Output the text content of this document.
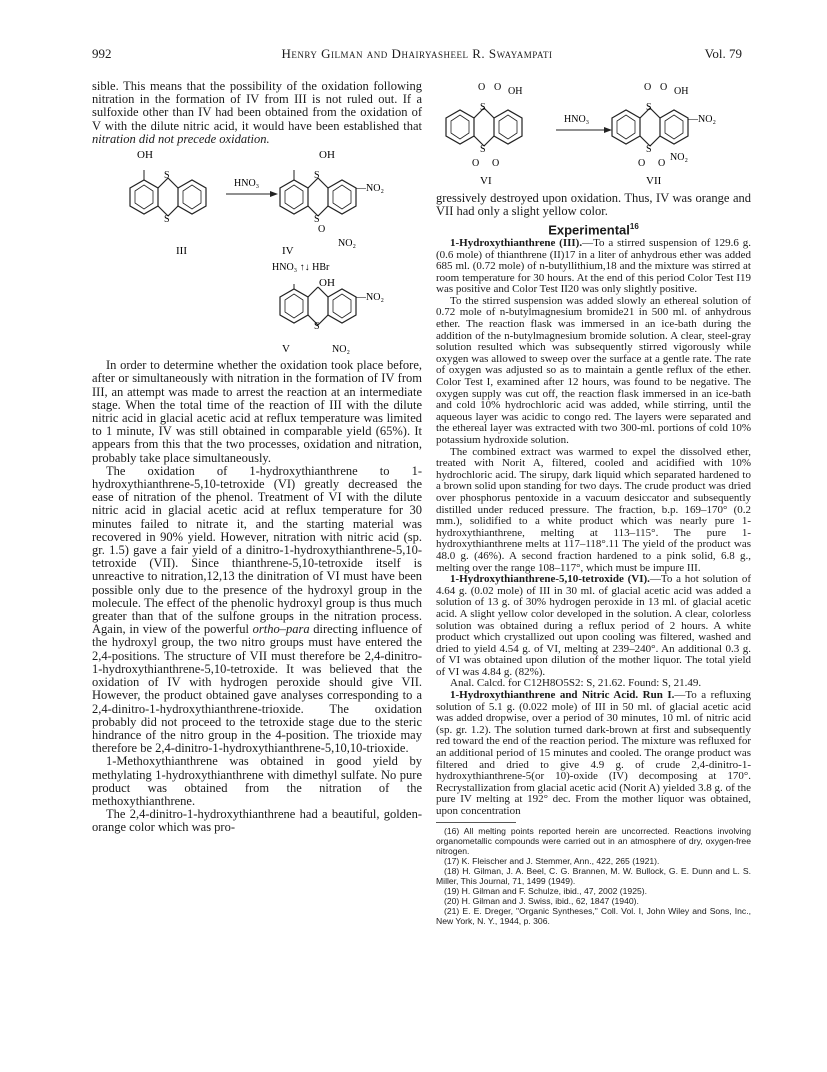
992	Henry Gilman and Dhairyasheel R. Swayampati	Vol. 79

sible. This means that the possibility of the oxidation following nitration in the formation of IV from III is not ruled out. If a sulfoxide other than IV had been obtained from the oxidation of V with the dilute nitric acid, it would have been established that nitration did not precede oxidation.

OH
S
S
III
HNO₃
OH
S
S
—NO₂
O
NO₂
IV
HNO₃ ↑↓ HBr
OH
S
—NO₂
V	NO₂

In order to determine whether the oxidation took place before, after or simultaneously with nitration in the formation of IV from III, an attempt was made to arrest the reaction at an intermediate stage. When the total time of the reaction of III with the dilute nitric acid in glacial acetic acid at reflux temperature was limited to 1 minute, IV was still obtained in comparable yield (65%). It appears from this that the two processes, oxidation and nitration, probably take place simultaneously.

The oxidation of 1-hydroxythianthrene to 1-hydroxythianthrene-5,10-tetroxide (VI) greatly decreased the ease of nitration of the phenol. Treatment of VI with the dilute nitric acid in glacial acetic acid at reflux temperature for 30 minutes failed to nitrate it, and the starting material was recovered in 90% yield. However, nitration with nitric acid (sp. gr. 1.5) gave a fair yield of a dinitro-1-hydroxythianthrene-5,10-tetroxide (VII). Since thianthrene-5,10-tetroxide itself is unreactive to nitration,12,13 the dinitration of VI must have been possible only due to the presence of the hydroxyl group in the molecule. The effect of the phenolic hydroxyl group is thus much greater than that of the sulfone groups in the nitration process. Again, in view of the powerful ortho–para directing influence of the hydroxyl group, the two nitro groups must have entered the 2,4-positions. The structure of VII must therefore be 2,4-dinitro-1-hydroxythianthrene-5,10-tetroxide. It was believed that the oxidation of IV with hydrogen peroxide should give VII. However, the product obtained gave analyses corresponding to a 2,4-dinitro-1-hydroxythianthrene-trioxide. The oxidation probably did not proceed to the tetroxide stage due to the steric hindrance of the nitro group in the 4-position. The trioxide may therefore be 2,4-dinitro-1-hydroxythianthrene-5,10,10-trioxide.

1-Methoxythianthrene was obtained in good yield by methylating 1-hydroxythianthrene with dimethyl sulfate. No pure product was obtained from the nitration of the methoxythianthrene.

The 2,4-dinitro-1-hydroxythianthrene had a beautiful, golden-orange color which was pro-

O O OH
S
S
O O
VI
HNO₃
O O OH
S
S
—NO₂
O O
NO₂
VII

gressively destroyed upon oxidation. Thus, IV was orange and VII had only a slight yellow color.

Experimental$^{16}$

1-Hydroxythianthrene (III).—To a stirred suspension of 129.6 g. (0.6 mole) of thianthrene (II)17 in a liter of anhydrous ether was added 685 ml. (0.72 mole) of n-butyllithium,18 and the mixture was stirred at room temperature for 30 hours. At the end of this period Color Test I19 was positive and Color Test II20 was only slightly positive.

To the stirred suspension was added slowly an ethereal solution of 0.72 mole of n-butylmagnesium bromide21 in 500 ml. of anhydrous ether. The reaction flask was immersed in an ice-bath during the addition of the n-butylmagnesium bromide solution. A clear, steel-gray solution resulted which was subsequently stirred vigorously while oxygen was allowed to sweep over the surface at a gentle rate. The rate of oxygen was adjusted so as to maintain a gentle reflux of the ether. Color Test I, examined after 12 hours, was found to be negative. The oxygen supply was cut off, the reaction flask immersed in an ice-bath and cold 10% hydrochloric acid was added, while stirring, until the aqueous layer was acidic to congo red. The layers were separated and the ethereal layer was extracted with two 300-ml. portions of cold 10% potassium hydroxide solution.

The combined extract was warmed to expel the dissolved ether, treated with Norit A, filtered, cooled and acidified with 10% hydrochloric acid. The sirupy, dark liquid which separated hardened to a brown solid upon standing for two days. The crude product was dried over phosphorus pentoxide in a vacuum desiccator and subsequently distilled under reduced pressure. The fraction, b.p. 169–170° (0.2 mm.), solidified to a white product which was nearly pure 1-hydroxythianthrene, melting at 113–115°. The pure 1-hydroxythianthrene melts at 117–118°.11 The yield of the product was 48.0 g. (46%). A second fraction hardened to a pink solid, 6.8 g., melting over the range 108–117°, which must be impure III.

1-Hydroxythianthrene-5,10-tetroxide (VI).—To a hot solution of 4.64 g. (0.02 mole) of III in 30 ml. of glacial acetic acid was added a solution of 13 g. of 30% hydrogen peroxide in 13 ml. of glacial acetic acid. A slight yellow color developed in the solution. A clear, colorless solution was obtained during a reflux period of 2 hours. A white product which crystallized out upon cooling was filtered, washed and dried to yield 4.54 g. of VI, melting at 239–240°. An additional 0.3 g. of VI was obtained upon dilution of the mother liquor. The total yield of VI was 4.84 g. (82%).

Anal. Calcd. for C12H8O5S2: S, 21.62. Found: S, 21.49.

1-Hydroxythianthrene and Nitric Acid. Run I.—To a refluxing solution of 5.1 g. (0.022 mole) of III in 50 ml. of glacial acetic acid was added dropwise, over a period of 30 minutes, 10 ml. of nitric acid (sp. gr. 1.2). The solution turned dark-brown at first and subsequently red toward the end of the reaction period. The mixture was refluxed for an additional period of 15 minutes and cooled. The orange product was filtered and dried to give 4.9 g. of crude 2,4-dinitro-1-hydroxythianthrene-5(or 10)-oxide (IV) decomposing at 170°. Recrystallization from glacial acetic acid (Norit A) yielded 3.8 g. of the pure IV melting at 192° dec. From the mother liquor was obtained, upon concentration

(16) All melting points reported herein are uncorrected. Reactions involving organometallic compounds were carried out in an atmosphere of dry, oxygen-free nitrogen.

(17) K. Fleischer and J. Stemmer, Ann., 422, 265 (1921).

(18) H. Gilman, J. A. Beel, C. G. Brannen, M. W. Bullock, G. E. Dunn and L. S. Miller, This Journal, 71, 1499 (1949).

(19) H. Gilman and F. Schulze, ibid., 47, 2002 (1925).

(20) H. Gilman and J. Swiss, ibid., 62, 1847 (1940).

(21) E. E. Dreger, "Organic Syntheses," Coll. Vol. I, John Wiley and Sons, Inc., New York, N. Y., 1944, p. 306.
